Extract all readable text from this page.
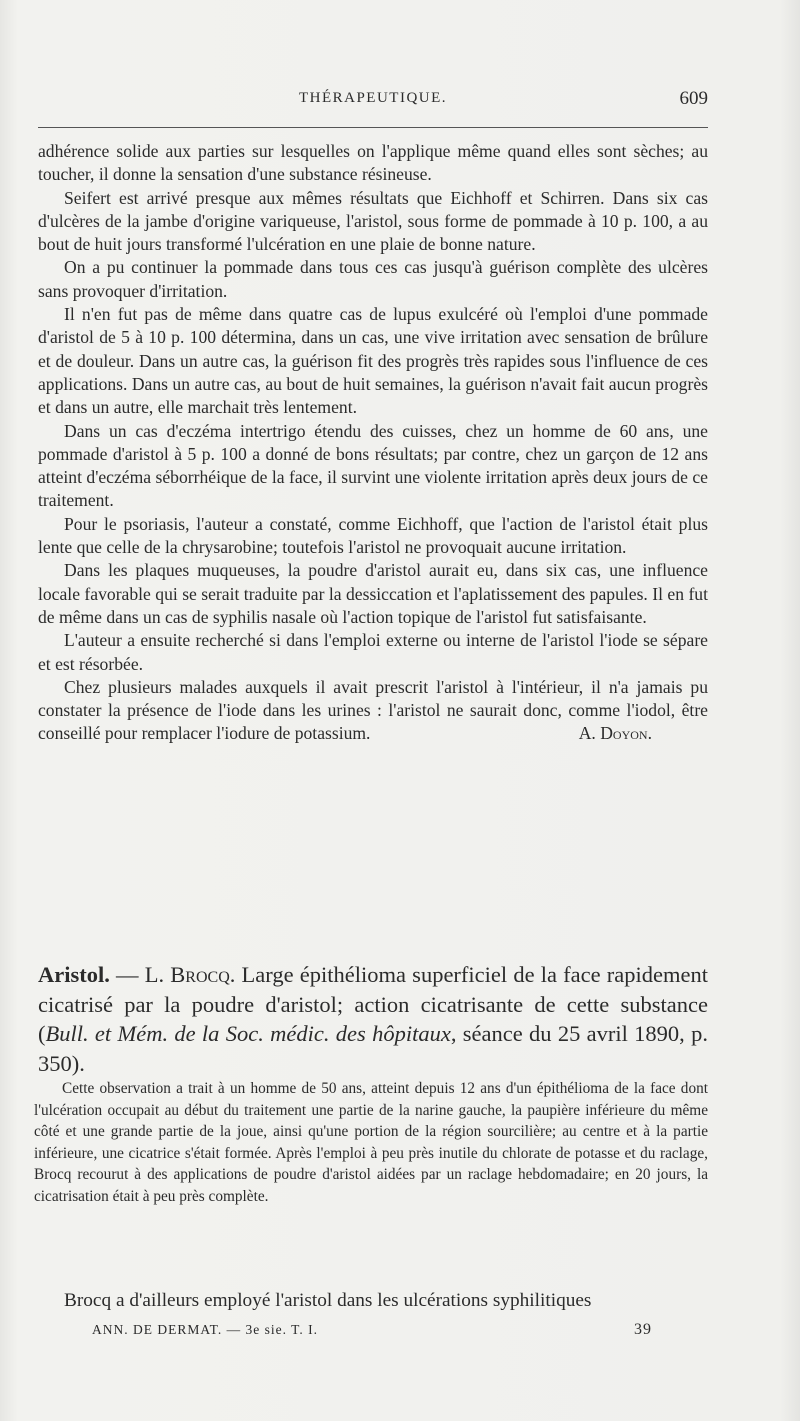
THÉRAPEUTIQUE.	609

adhérence solide aux parties sur lesquelles on l'applique même quand elles sont sèches; au toucher, il donne la sensation d'une substance résineuse.

Seifert est arrivé presque aux mêmes résultats que Eichhoff et Schirren. Dans six cas d'ulcères de la jambe d'origine variqueuse, l'aristol, sous forme de pommade à 10 p. 100, a au bout de huit jours transformé l'ulcération en une plaie de bonne nature.

On a pu continuer la pommade dans tous ces cas jusqu'à guérison complète des ulcères sans provoquer d'irritation.

Il n'en fut pas de même dans quatre cas de lupus exulcéré où l'emploi d'une pommade d'aristol de 5 à 10 p. 100 détermina, dans un cas, une vive irritation avec sensation de brûlure et de douleur. Dans un autre cas, la guérison fit des progrès très rapides sous l'influence de ces applications. Dans un autre cas, au bout de huit semaines, la guérison n'avait fait aucun progrès et dans un autre, elle marchait très lentement.

Dans un cas d'eczéma intertrigo étendu des cuisses, chez un homme de 60 ans, une pommade d'aristol à 5 p. 100 a donné de bons résultats; par contre, chez un garçon de 12 ans atteint d'eczéma séborrhéique de la face, il survint une violente irritation après deux jours de ce traitement.

Pour le psoriasis, l'auteur a constaté, comme Eichhoff, que l'action de l'aristol était plus lente que celle de la chrysarobine; toutefois l'aristol ne provoquait aucune irritation.

Dans les plaques muqueuses, la poudre d'aristol aurait eu, dans six cas, une influence locale favorable qui se serait traduite par la dessiccation et l'aplatissement des papules. Il en fut de même dans un cas de syphilis nasale où l'action topique de l'aristol fut satisfaisante.

L'auteur a ensuite recherché si dans l'emploi externe ou interne de l'aristol l'iode se sépare et est résorbée.

Chez plusieurs malades auxquels il avait prescrit l'aristol à l'intérieur, il n'a jamais pu constater la présence de l'iode dans les urines : l'aristol ne saurait donc, comme l'iodol, être conseillé pour remplacer l'iodure de potassium.	A. Doyon.
Aristol. — L. Brocq. Large épithélioma superficiel de la face rapidement cicatrisé par la poudre d'aristol; action cicatrisante de cette substance (Bull. et Mém. de la Soc. médic. des hôpitaux, séance du 25 avril 1890, p. 350).

Cette observation a trait à un homme de 50 ans, atteint depuis 12 ans d'un épithélioma de la face dont l'ulcération occupait au début du traitement une partie de la narine gauche, la paupière inférieure du même côté et une grande partie de la joue, ainsi qu'une portion de la région sourcilière; au centre et à la partie inférieure, une cicatrice s'était formée. Après l'emploi à peu près inutile du chlorate de potasse et du raclage, Brocq recourut à des applications de poudre d'aristol aidées par un raclage hebdomadaire; en 20 jours, la cicatrisation était à peu près complète.

Brocq a d'ailleurs employé l'aristol dans les ulcérations syphilitiques
ANN. DE DERMAT. — 3e sie. T. I.	39
